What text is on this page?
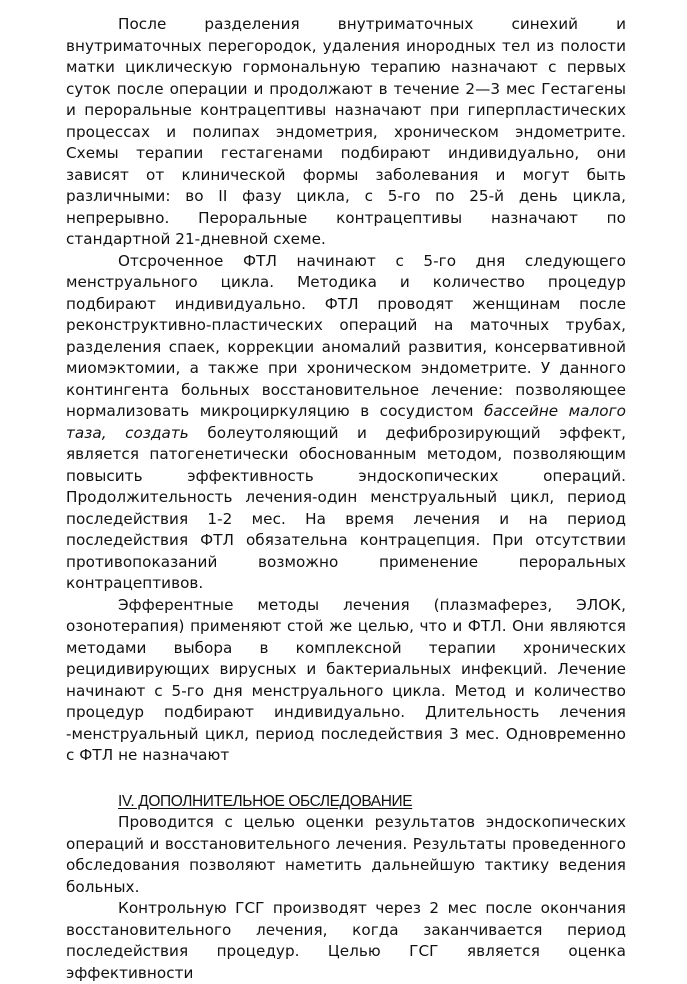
После разделения внутриматочных синехий и внутриматочных перегородок, удаления инородных тел из полости матки циклическую гормональную терапию назначают с первых суток после операции и продолжают в течение 2—3 мес Гестагены и пероральные контрацептивы назначают при гиперпластических процессах и полипах эндометрия, хроническом эндометрите. Схемы терапии гестагенами подбирают индивидуально, они зависят от клинической формы заболевания и могут быть различными: во II фазу цикла, с 5-го по 25-й день цикла, непрерывно. Пероральные контрацептивы назначают по стандартной 21-дневной схеме.

Отсроченное ФТЛ начинают с 5-го дня следующего менструального цикла. Методика и количество процедур подбирают индивидуально. ФТЛ проводят женщинам после реконструктивно-пластических операций на маточных трубах, разделения спаек, коррекции аномалий развития, консервативной миомэктомии, а также при хроническом эндометрите. У данного контингента больных восстановительное лечение: позволяющее нормализовать микроциркуляцию в сосудистом бассейне малого таза, создать болеутоляющий и дефиброзирующий эффект, является патогенетически обоснованным методом, позволяющим повысить эффективность эндоскопических операций. Продолжительность лечения-один менструальный цикл, период последействия 1-2 мес. На время лечения и на период последействия ФТЛ обязательна контрацепция. При отсутствии противопоказаний возможно применение пероральных контрацептивов.

Эфферентные методы лечения (плазмаферез, ЭЛОК, озонотерапия) применяют стой же целью, что и ФТЛ. Они являются методами выбора в комплексной терапии хронических рецидивирующих вирусных и бактериальных инфекций. Лечение начинают с 5-го дня менструального цикла. Метод и количество процедур подбирают индивидуально. Длительность лечения -менструальный цикл, период последействия 3 мес. Одновременно с ФТЛ не назначают

IV. ДОПОЛНИТЕЛЬНОЕ ОБСЛЕДОВАНИЕ

Проводится с целью оценки результатов эндоскопических операций и восстановительного лечения. Результаты проведенного обследования позволяют наметить дальнейшую тактику ведения больных.

Контрольную ГСГ производят через 2 мес после окончания восстановительного лечения, когда заканчивается период последействия процедур. Целью ГСГ является оценка эффективности
